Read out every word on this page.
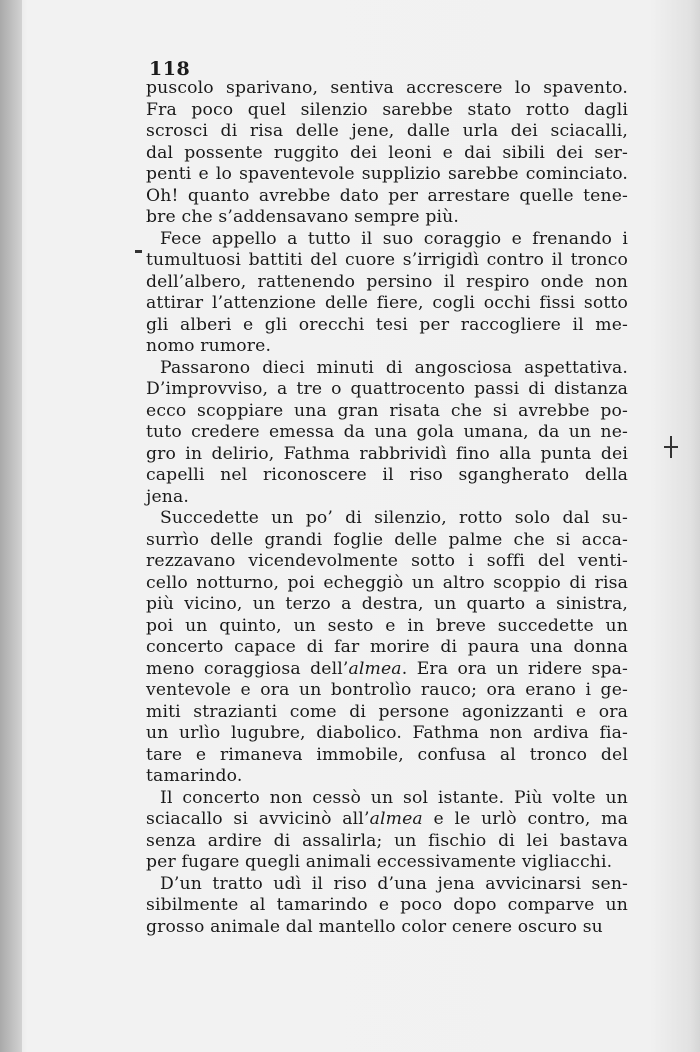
118
puscolo sparivano, sentiva accrescere lo spavento.
Fra poco quel silenzio sarebbe stato rotto dagli
scrosci di risa delle jene, dalle urla dei sciacalli,
dal possente ruggito dei leoni e dai sibili dei ser-
penti e lo spaventevole supplizio sarebbe cominciato.
Oh! quanto avrebbe dato per arrestare quelle tene-
bre che s’addensavano sempre più.
Fece appello a tutto il suo coraggio e frenando i
tumultuosi battiti del cuore s’irrigidì contro il tronco
dell’albero, rattenendo persino il respiro onde non
attirar l’attenzione delle fiere, cogli occhi fissi sotto
gli alberi e gli orecchi tesi per raccogliere il me-
nomo rumore.
Passarono dieci minuti di angosciosa aspettativa.
D’improvviso, a tre o quattrocento passi di distanza
ecco scoppiare una gran risata che si avrebbe po-
tuto credere emessa da una gola umana, da un ne-
gro in delirio, Fathma rabbrividì fino alla punta dei
capelli nel riconoscere il riso sgangherato della
jena.
Succedette un po’ di silenzio, rotto solo dal su-
surrìo delle grandi foglie delle palme che si acca-
rezzavano vicendevolmente sotto i soffi del venti-
cello notturno, poi echeggiò un altro scoppio di risa
più vicino, un terzo a destra, un quarto a sinistra,
poi un quinto, un sesto e in breve succedette un
concerto capace di far morire di paura una donna
meno coraggiosa dell’almea. Era ora un ridere spa-
ventevole e ora un bontrolìo rauco; ora erano i ge-
miti strazianti come di persone agonizzanti e ora
un urlìo lugubre, diabolico. Fathma non ardiva fia-
tare e rimaneva immobile, confusa al tronco del
tamarindo.
Il concerto non cessò un sol istante. Più volte un
sciacallo si avvicinò all’almea e le urlò contro, ma
senza ardire di assalirla; un fischio di lei bastava
per fugare quegli animali eccessivamente vigliacchi.
D’un tratto udì il riso d’una jena avvicinarsi sen-
sibilmente al tamarindo e poco dopo comparve un
grosso animale dal mantello color cenere oscuro su
